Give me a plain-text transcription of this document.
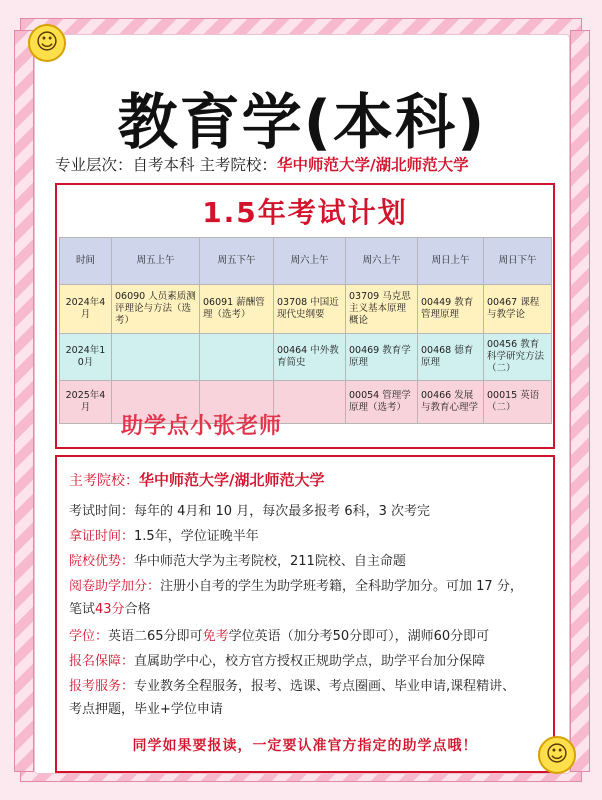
☺
☺
教育学(本科)
专业层次：自考本科 主考院校：华中师范大学/湖北师范大学
1.5年考试计划
时间	周五上午	周五下午	周六上午	周六上午	周日上午	周日下午
2024年4月	06090 人员素质测评理论与方法（选考）	06091 薪酬管理（选考）	03708 中国近现代史纲要	03709 马克思主义基本原理概论	00449 教育管理原理	00467 课程与教学论
2024年10月			00464 中外教育简史	00469 教育学原理	00468 德育原理	00456 教育科学研究方法（二）
2025年4月				00054 管理学原理（选考）	00466 发展与教育心理学	00015 英语（二）
助学点小张老师
主考院校：华中师范大学/湖北师范大学
考试时间：每年的 4月和 10 月，每次最多报考 6科，3 次考完
拿证时间：1.5年，学位证晚半年
院校优势：华中师范大学为主考院校，211院校、自主命题
阅卷助学加分：注册小自考的学生为助学班考籍，全科助学加分。可加 17 分，
笔试43分合格
学位：英语二65分即可免考学位英语（加分考50分即可），湖师60分即可
报名保障：直属助学中心，校方官方授权正规助学点，助学平台加分保障
报考服务：专业教务全程服务，报考、选课、考点圈画、毕业申请,课程精讲、
考点押题，毕业+学位申请
同学如果要报读，一定要认准官方指定的助学点哦！
